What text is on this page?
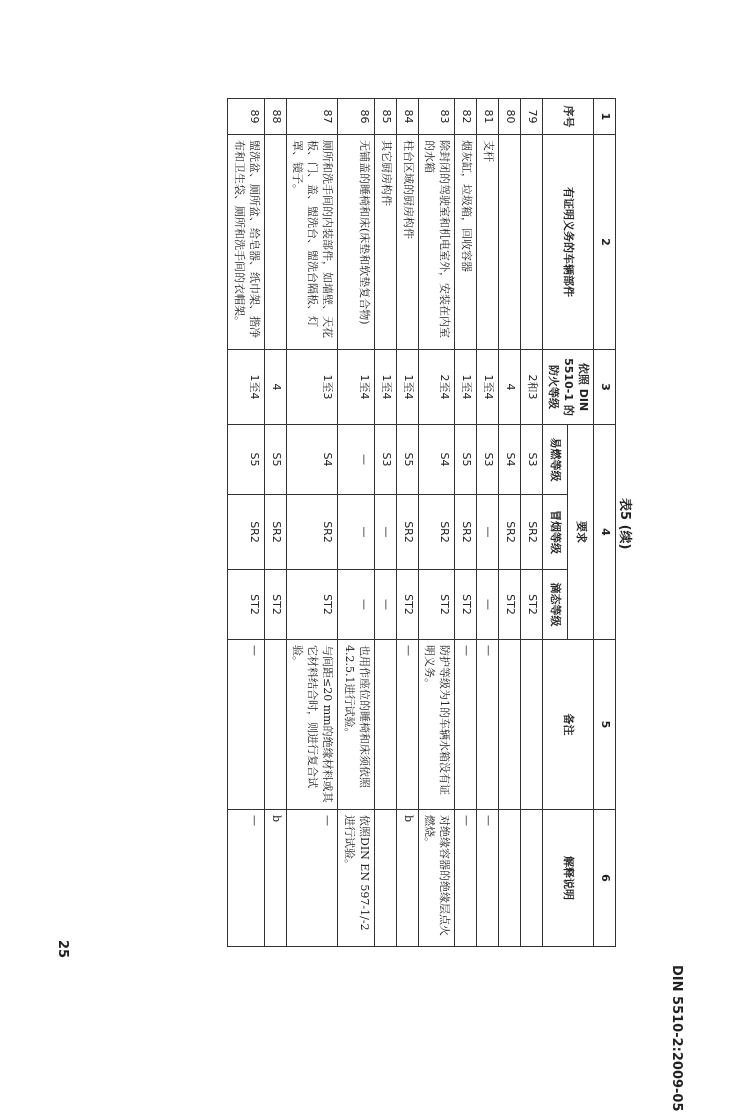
DIN 5510-2:2009-05
25
表5 (续)
1	2	3	4			5	6
序号	有证明义务的车辆部件	依照 DIN 5510-1 的防火等级	要求			备注	解释说明
			易燃等级	冒烟等级	滴态等级		
79		2和3	S3	SR2	ST2		
80		4	S4	SR2	ST2		
81	支杆	1至4	S3	—	—	—	—
82	烟灰缸，垃圾箱，回收容器	1至4	S5	SR2	ST2	—	—
83	除封闭的驾驶室和机电室外，安装在内室的水箱	2至4	S4	SR2	ST2	防护等级为1的车辆水箱没有证明义务。	对绝缘容器的绝缘层点火燃烧。
84	柱台区域的厨房构件	1至4	S5	SR2	ST2	—	b
85	其它厨房构件	1至4	S3	—	—		
86	无铺盖的睡椅和床(床垫和软垫复合物)	1至4	—	—	—	也用作座位的睡椅和床须依照4.2.5.1进行试验。	依照DIN EN 597-1/-2进行试验。
87	厕所和洗手间的内装部件，如墙壁、天花板、门、盖、盥洗台、盥洗台隔板、灯罩、镜子。	1至3	S4	SR2	ST2	与间距≤20 mm的绝缘材料或其它材料结合时，则进行复合试验。	—
88		4	S5	SR2	ST2		b
89	盥洗盆、厕所盆、给皂器、纸巾架、揩净布和卫生袋、厕所和洗手间的衣帽架。	1至4	S5	SR2	ST2	—	—
